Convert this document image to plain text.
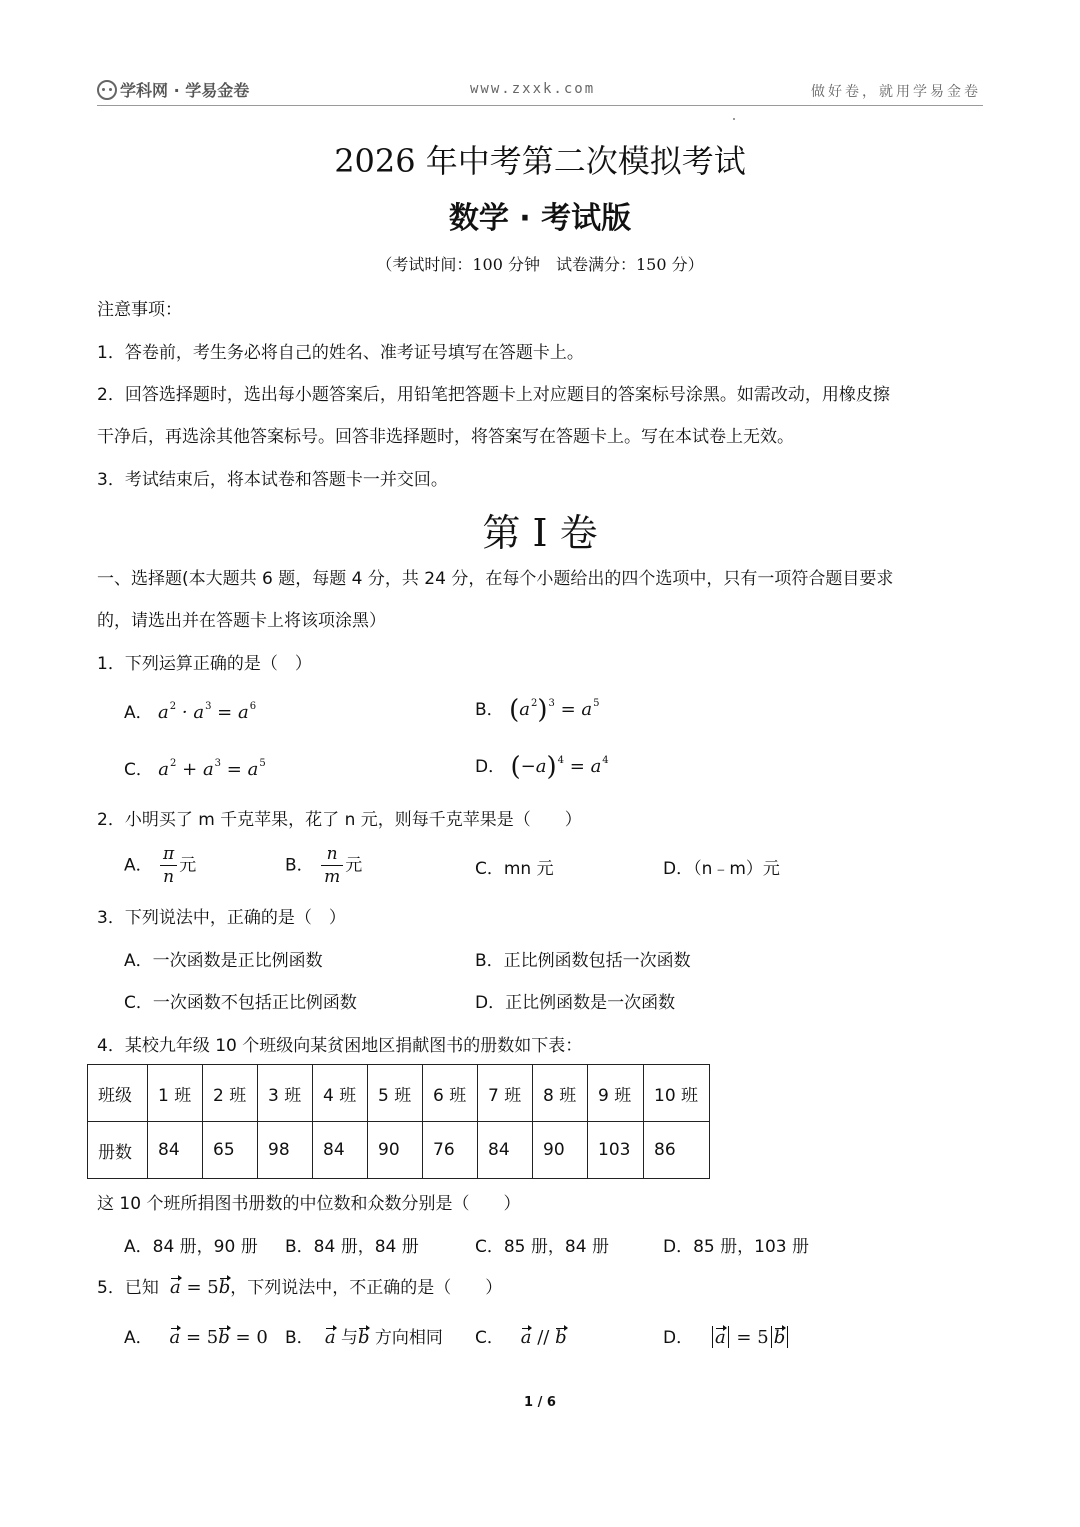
学科网 · 学易金卷	www.zxxk.com	做好卷，就用学易金卷
2026 年中考第二次模拟考试
数学 · 考试版
（考试时间：100 分钟　试卷满分：150 分）
注意事项：
1．答卷前，考生务必将自己的姓名、准考证号填写在答题卡上。
2．回答选择题时，选出每小题答案后，用铅笔把答题卡上对应题目的答案标号涂黑。如需改动，用橡皮擦
干净后，再选涂其他答案标号。回答非选择题时，将答案写在答题卡上。写在本试卷上无效。
3．考试结束后，将本试卷和答题卡一并交回。
第 I 卷
一、选择题(本大题共 6 题，每题 4 分，共 24 分，在每个小题给出的四个选项中，只有一项符合题目要求
的，请选出并在答题卡上将该项涂黑）
1．下列运算正确的是（　）
A． $a^2 \cdot a^3 = a^6$	B． $(a^2)^3 = a^5$
C． $a^2 + a^3 = a^5$	D． $(-a)^4 = a^4$
2．小明买了 m 千克苹果，花了 n 元，则每千克苹果是（　　）
A． $\frac{\pi}{n}$ 元	B． $\frac{n}{m}$ 元	C．mn 元	D．（n﹣m）元
3．下列说法中，正确的是（　）
A．一次函数是正比例函数	B．正比例函数包括一次函数
C．一次函数不包括正比例函数	D．正比例函数是一次函数
4．某校九年级 10 个班级向某贫困地区捐献图书的册数如下表：
班级	1 班	2 班	3 班	4 班	5 班	6 班	7 班	8 班	9 班	10 班
册数	84	65	98	84	90	76	84	90	103	86
这 10 个班所捐图书册数的中位数和众数分别是（　　）
A．84 册，90 册 B．84 册，84 册	C．85 册，84 册	D．85 册，103 册
5．已知 a = 5b，下列说法中，不正确的是（　　）
A． a = 5b = 0 B． a 与b 方向相同 C． a // b	D． a = 5 b
1 / 6
